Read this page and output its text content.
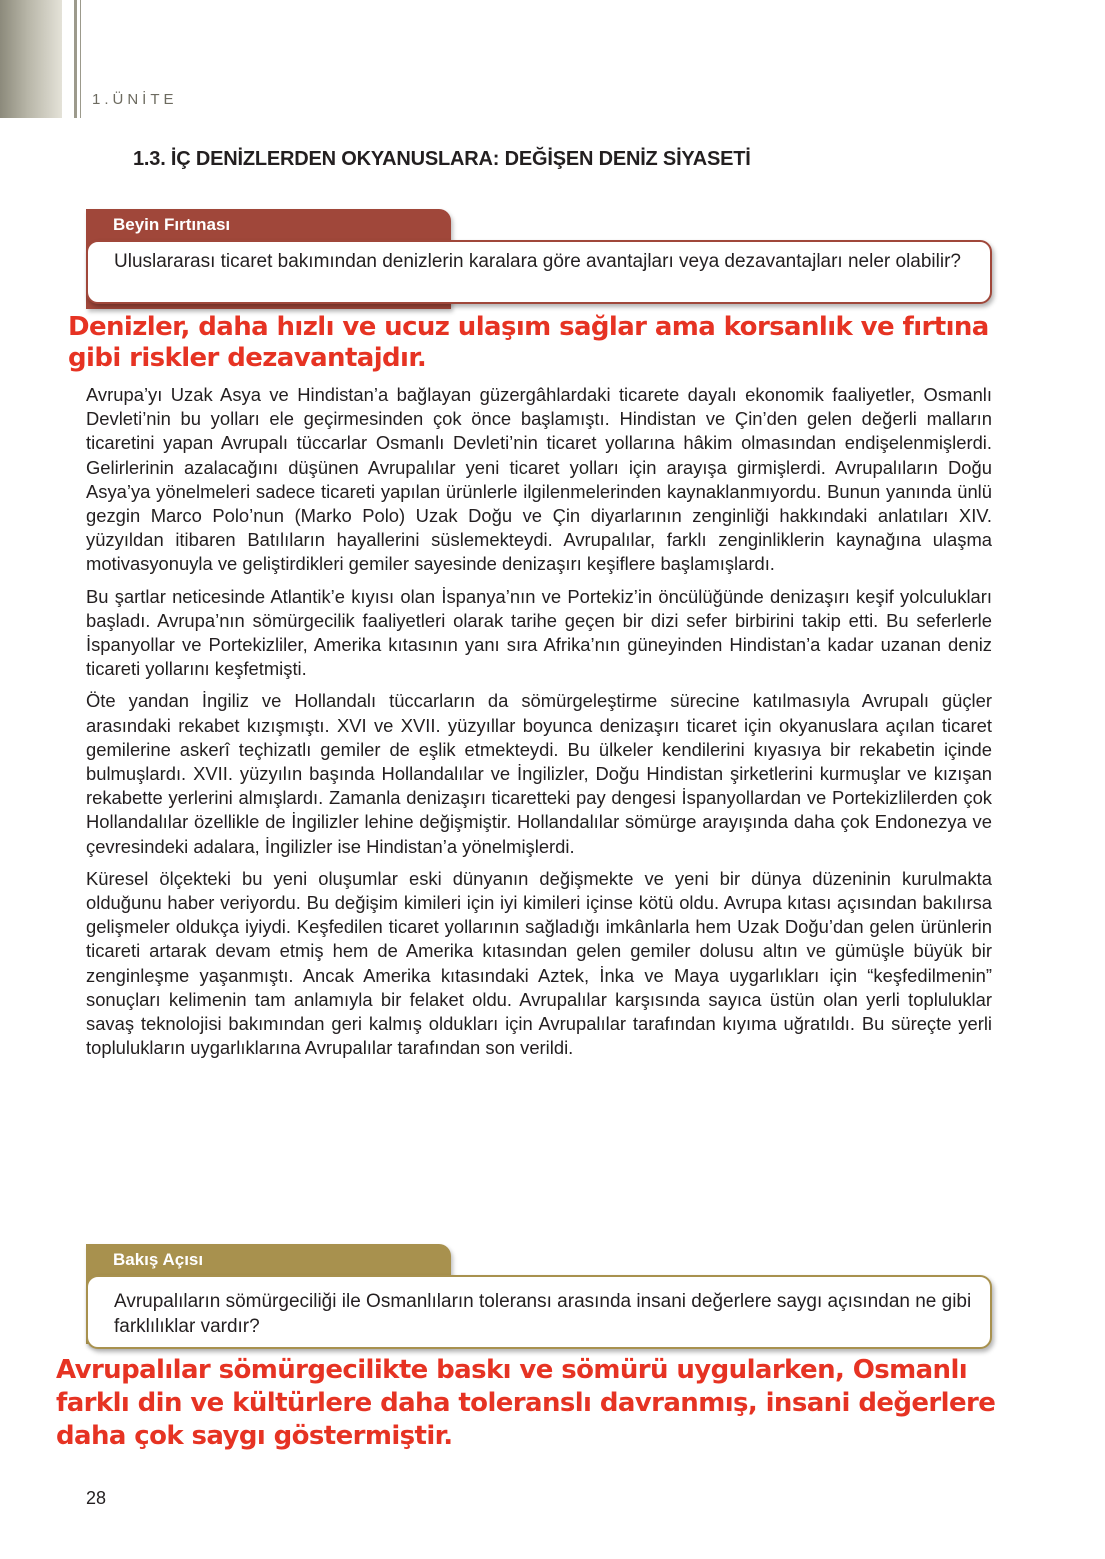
1.ÜNİTE
1.3. İÇ DENİZLERDEN OKYANUSLARA: DEĞİŞEN DENİZ SİYASETİ
Beyin Fırtınası
Uluslararası ticaret bakımından denizlerin karalara göre avantajları veya dezavantajları neler olabilir?
Denizler, daha hızlı ve ucuz ulaşım sağlar ama korsanlık ve fırtına gibi riskler dezavantajdır.

Avrupa’yı Uzak Asya ve Hindistan’a bağlayan güzergâhlardaki ticarete dayalı ekonomik faaliyetler, Osmanlı Devleti’nin bu yolları ele geçirmesinden çok önce başlamıştı. Hindistan ve Çin’den gelen değerli malların ticaretini yapan Avrupalı tüccarlar Osmanlı Devleti’nin ticaret yollarına hâkim olmasından endişelenmişlerdi. Gelirlerinin azalacağını düşünen Avrupalılar yeni ticaret yolları için arayışa girmişlerdi. Avrupalıların Doğu Asya’ya yönelmeleri sadece ticareti yapılan ürünlerle ilgilenmelerinden kaynaklanmıyordu. Bunun yanında ünlü gezgin Marco Polo’nun (Marko Polo) Uzak Doğu ve Çin diyarlarının zenginliği hakkındaki anlatıları XIV. yüzyıldan itibaren Batılıların hayallerini süslemekteydi. Avrupalılar, farklı zenginliklerin kaynağına ulaşma motivasyonuyla ve geliştirdikleri gemiler sayesinde denizaşırı keşiflere başlamışlardı.

Bu şartlar neticesinde Atlantik’e kıyısı olan İspanya’nın ve Portekiz’in öncülüğünde denizaşırı keşif yolculukları başladı. Avrupa’nın sömürgecilik faaliyetleri olarak tarihe geçen bir dizi sefer birbirini takip etti. Bu seferlerle İspanyollar ve Portekizliler, Amerika kıtasının yanı sıra Afrika’nın güneyinden Hindistan’a kadar uzanan deniz ticareti yollarını keşfetmişti.

Öte yandan İngiliz ve Hollandalı tüccarların da sömürgeleştirme sürecine katılmasıyla Avrupalı güçler arasındaki rekabet kızışmıştı. XVI ve XVII. yüzyıllar boyunca denizaşırı ticaret için okyanuslara açılan ticaret gemilerine askerî teçhizatlı gemiler de eşlik etmekteydi. Bu ülkeler kendilerini kıyasıya bir rekabetin içinde bulmuşlardı. XVII. yüzyılın başında Hollandalılar ve İngilizler, Doğu Hindistan şirketlerini kurmuşlar ve kızışan rekabette yerlerini almışlardı. Zamanla denizaşırı ticaretteki pay dengesi İspanyollardan ve Portekizlilerden çok Hollandalılar özellikle de İngilizler lehine değişmiştir. Hollandalılar sömürge arayışında daha çok Endonezya ve çevresindeki adalara, İngilizler ise Hindistan’a yönelmişlerdi.

Küresel ölçekteki bu yeni oluşumlar eski dünyanın değişmekte ve yeni bir dünya düzeninin kurulmakta olduğunu haber veriyordu. Bu değişim kimileri için iyi kimileri içinse kötü oldu. Avrupa kıtası açısından bakılırsa gelişmeler oldukça iyiydi. Keşfedilen ticaret yollarının sağladığı imkânlarla hem Uzak Doğu’dan gelen ürünlerin ticareti artarak devam etmiş hem de Amerika kıtasından gelen gemiler dolusu altın ve gümüşle büyük bir zenginleşme yaşanmıştı. Ancak Amerika kıtasındaki Aztek, İnka ve Maya uygarlıkları için “keşfedilmenin” sonuçları kelimenin tam anlamıyla bir felaket oldu. Avrupalılar karşısında sayıca üstün olan yerli topluluklar savaş teknolojisi bakımından geri kalmış oldukları için Avrupalılar tarafından kıyıma uğratıldı. Bu süreçte yerli toplulukların uygarlıklarına Avrupalılar tarafından son verildi.

Bakış Açısı
Avrupalıların sömürgeciliği ile Osmanlıların toleransı arasında insani değerlere saygı açısından ne gibi farklılıklar vardır?
Avrupalılar sömürgecilikte baskı ve sömürü uygularken, Osmanlı farklı din ve kültürlere daha toleranslı davranmış, insani değerlere daha çok saygı göstermiştir.
28
